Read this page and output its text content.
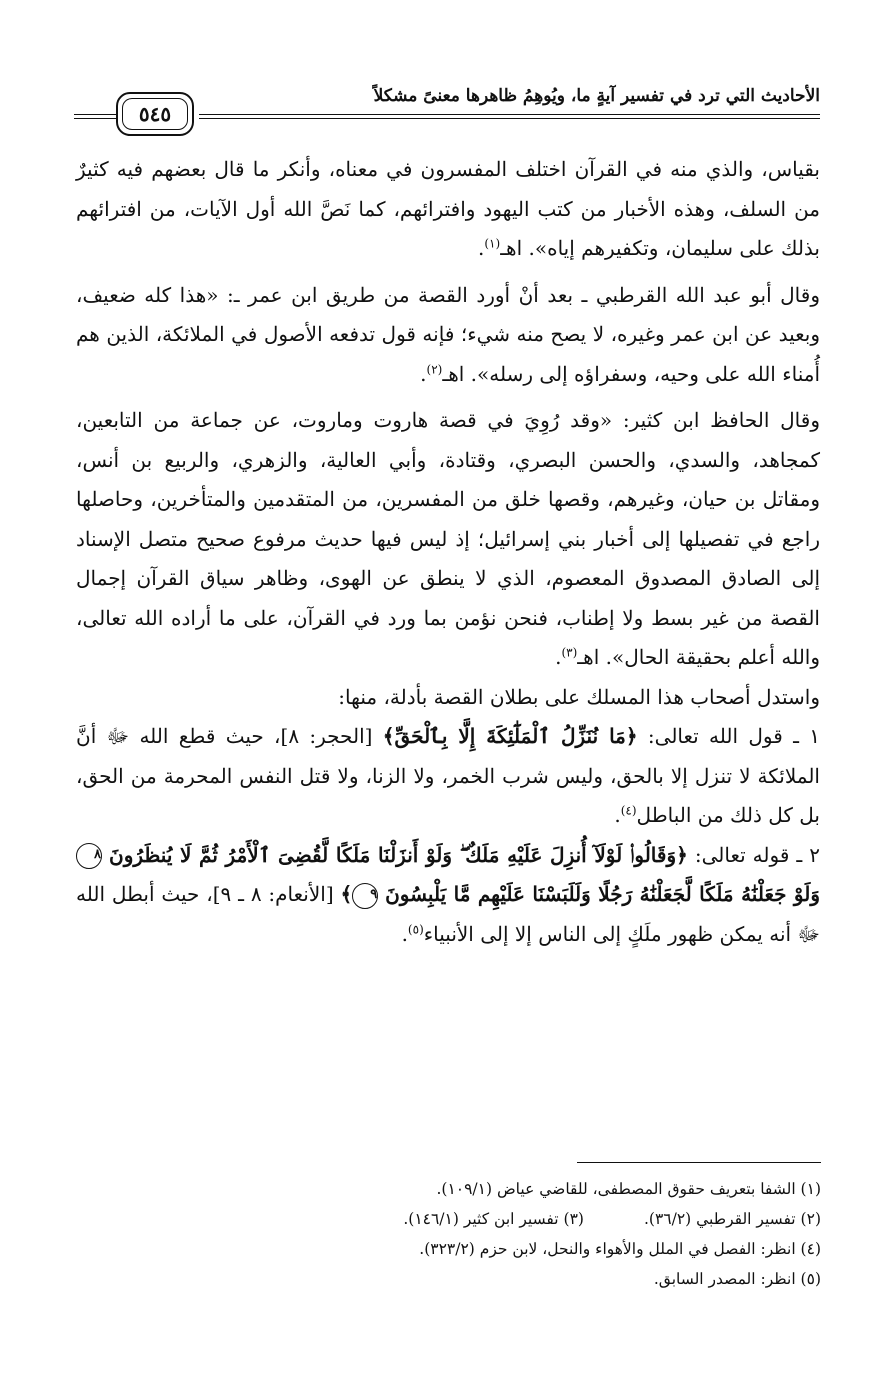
الأحاديث التي ترد في تفسير آيةٍ ما، ويُوهِمُ ظاهرها معنىً مشكلاً
٥٤٥

بقياس، والذي منه في القرآن اختلف المفسرون في معناه، وأنكر ما قال بعضهم فيه كثيرٌ من السلف، وهذه الأخبار من كتب اليهود وافترائهم، كما نَصَّ الله أول الآيات، من افترائهم بذلك على سليمان، وتكفيرهم إياه». اهـ$^{(١)}$.

وقال أبو عبد الله القرطبي ـ بعد أنْ أورد القصة من طريق ابن عمر ـ: «هذا كله ضعيف، وبعيد عن ابن عمر وغيره، لا يصح منه شيء؛ فإنه قول تدفعه الأصول في الملائكة، الذين هم أُمناء الله على وحيه، وسفراؤه إلى رسله». اهـ$^{(٢)}$.

وقال الحافظ ابن كثير: «وقد رُوِيَ في قصة هاروت وماروت، عن جماعة من التابعين، كمجاهد، والسدي، والحسن البصري، وقتادة، وأبي العالية، والزهري، والربيع بن أنس، ومقاتل بن حيان، وغيرهم، وقصها خلق من المفسرين، من المتقدمين والمتأخرين، وحاصلها راجع في تفصيلها إلى أخبار بني إسرائيل؛ إذ ليس فيها حديث مرفوع صحيح متصل الإسناد إلى الصادق المصدوق المعصوم، الذي لا ينطق عن الهوى، وظاهر سياق القرآن إجمال القصة من غير بسط ولا إطناب، فنحن نؤمن بما ورد في القرآن، على ما أراده الله تعالى، والله أعلم بحقيقة الحال». اهـ$^{(٣)}$.

واستدل أصحاب هذا المسلك على بطلان القصة بأدلة، منها:

١ ـ قول الله تعالى: ﴿مَا نُنَزِّلُ ٱلْمَلَٰٓئِكَةَ إِلَّا بِٱلْحَقِّ﴾ [الحجر: ٨]، حيث قطع الله ﷻ أنَّ الملائكة لا تنزل إلا بالحق، وليس شرب الخمر، ولا الزنا، ولا قتل النفس المحرمة من الحق، بل كل ذلك من الباطل$^{(٤)}$.

٢ ـ قوله تعالى: ﴿وَقَالُوا۟ لَوْلَآ أُنزِلَ عَلَيْهِ مَلَكٌ ۖ وَلَوْ أَنزَلْنَا مَلَكًا لَّقُضِىَ ٱلْأَمْرُ ثُمَّ لَا يُنظَرُونَ ٨ وَلَوْ جَعَلْنَٰهُ مَلَكًا لَّجَعَلْنَٰهُ رَجُلًا وَلَلَبَسْنَا عَلَيْهِم مَّا يَلْبِسُونَ ٩﴾ [الأنعام: ٨ ـ ٩]، حيث أبطل الله ﷻ أنه يمكن ظهور ملَكٍ إلى الناس إلا إلى الأنبياء$^{(٥)}$.

(١) الشفا بتعريف حقوق المصطفى، للقاضي عياض (١٠٩/١).
(٢) تفسير القرطبي (٣٦/٢).(٣) تفسير ابن كثير (١٤٦/١).
(٤) انظر: الفصل في الملل والأهواء والنحل، لابن حزم (٣٢٣/٢).
(٥) انظر: المصدر السابق.
